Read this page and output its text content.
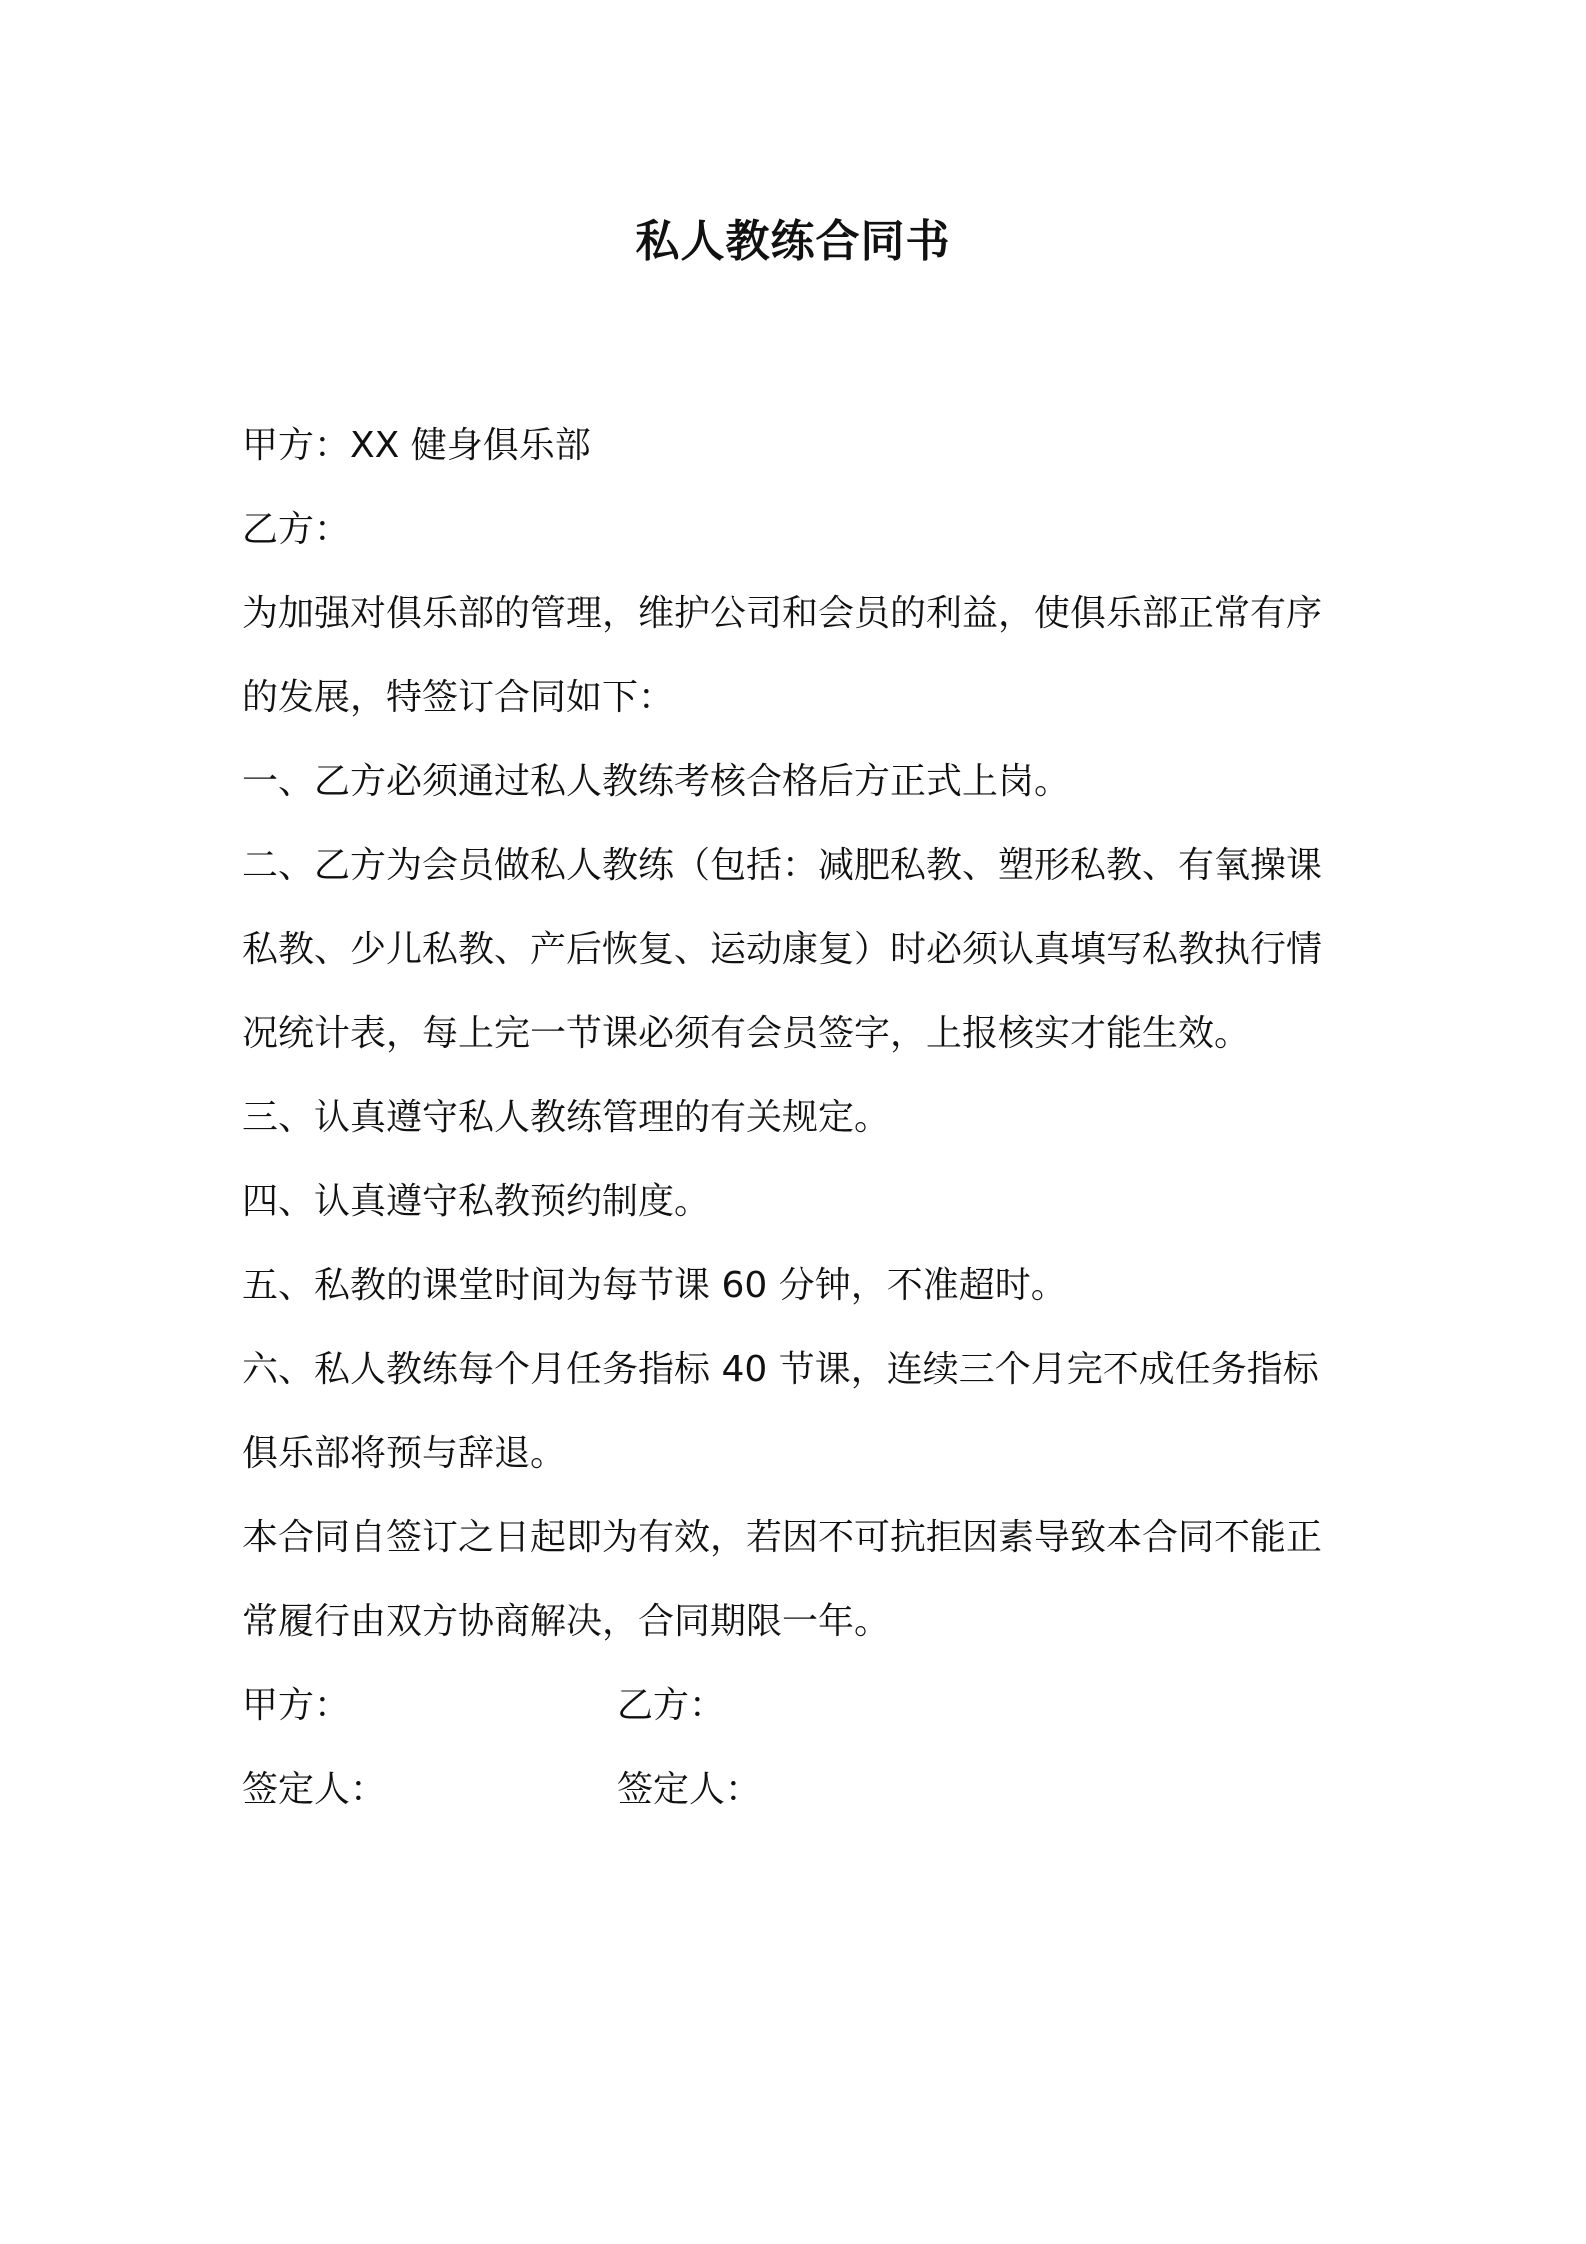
私人教练合同书
甲方：XX 健身俱乐部
乙方：
为加强对俱乐部的管理，维护公司和会员的利益，使俱乐部正常有序
的发展，特签订合同如下：
一、乙方必须通过私人教练考核合格后方正式上岗。
二、乙方为会员做私人教练（包括：减肥私教、塑形私教、有氧操课
私教、少儿私教、产后恢复、运动康复）时必须认真填写私教执行情
况统计表，每上完一节课必须有会员签字，上报核实才能生效。
三、认真遵守私人教练管理的有关规定。
四、认真遵守私教预约制度。
五、私教的课堂时间为每节课 60 分钟，不准超时。
六、私人教练每个月任务指标 40 节课，连续三个月完不成任务指标
俱乐部将预与辞退。
本合同自签订之日起即为有效，若因不可抗拒因素导致本合同不能正
常履行由双方协商解决，合同期限一年。
甲方：	乙方：
签定人：	签定人：
